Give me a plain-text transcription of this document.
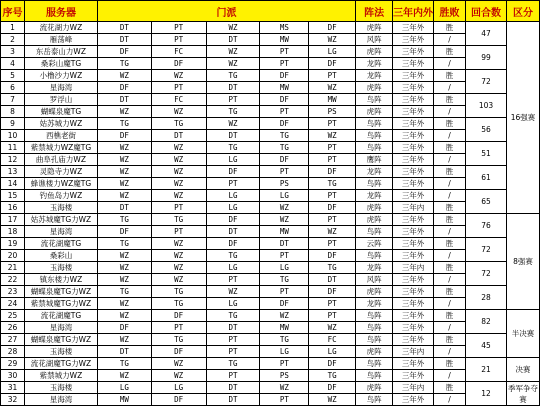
序号	服务器	门派					阵法	三年内外	胜败	回合数	区分
1	流花湖力WZ	DT	PT	WZ	MS	DF	虎阵	三年外	胜	47	16强赛
2	雁荡峰	DT	PT	DT	MW	WZ	风阵	三年外	/		
3	东岳泰山力WZ	DF	FC	WZ	PT	LG	虎阵	三年外	胜	99	
4	桑彩山魔TG	TG	DF	WZ	PT	DF	龙阵	三年外	/		
5	小橹沙力WZ	WZ	WZ	TG	DF	PT	龙阵	三年外	胜	72	
6	星海湾	DF	PT	DT	MW	WZ	虎阵	三年外	/		
7	罗浮山	DT	FC	PT	DF	MW	鸟阵	三年外	胜	103	
8	蝴蝶泉魔TG	WZ	WZ	TG	PT	PS	虎阵	三年外	/		
9	姑苏城力WZ	TG	TG	WZ	DF	PT	鸟阵	三年外	胜	56	
10	西樵老街	DF	DT	DT	TG	WZ	鸟阵	三年外	/		
11	紫禁城力WZ魔TG	WZ	WZ	TG	TG	PT	鸟阵	三年外	胜	51	
12	曲阜孔庙力WZ	WZ	WZ	LG	DF	PT	鹰阵	三年外	/		
13	灵隐寺力WZ	WZ	WZ	DF	PT	DF	龙阵	三年外	胜	61	
14	蜂谯楼力WZ魔TG	WZ	WZ	PT	PS	TG	鸟阵	三年外	/		
15	钓鱼岛力WZ	WZ	WZ	LG	LG	PT	龙阵	三年外	/	65	
16	玉海楼	DT	PT	LG	WZ	DF	虎阵	三年内	胜		
17	姑苏城魔TG力WZ	TG	TG	DF	WZ	PT	虎阵	三年外	胜	76	8强赛
18	星海湾	DF	PT	DT	MW	WZ	鸟阵	三年外	/		
19	流花湖魔TG	TG	WZ	DF	DT	PT	云阵	三年外	胜	72	
20	桑彩山	WZ	WZ	TG	PT	DF	鸟阵	三年外	/		
21	玉海楼	WZ	WZ	LG	LG	TG	龙阵	三年内	胜	72	
22	镇东楼力WZ	WZ	WZ	PT	TG	DT	风阵	三年外	/		
23	蝴蝶泉魔TG力WZ	TG	TG	WZ	PT	DF	虎阵	三年外	胜	28	
24	紫禁城魔TG力WZ	WZ	TG	LG	DF	PT	龙阵	三年外	/		
25	流花湖魔TG	WZ	DF	TG	WZ	PT	鸟阵	三年外	胜	82	半决赛
26	星海湾	DF	PT	DT	MW	WZ	鸟阵	三年外	/		
27	蝴蝶泉魔TG力WZ	WZ	TG	PT	TG	FC	鸟阵	三年外	胜	45	
28	玉海楼	DT	DF	PT	LG	LG	虎阵	三年内	/		
29	流花湖魔TG力WZ	TG	WZ	TG	PT	DF	鸟阵	三年外	胜	21	决赛
30	紫禁城力WZ	WZ	WZ	PT	PS	TG	鸟阵	三年外	/		
31	玉海楼	LG	LG	DT	WZ	DF	虎阵	三年内	胜	12	季军争夺赛
32	星海湾	MW	DF	DT	PT	WZ	鸟阵	三年外	/		
